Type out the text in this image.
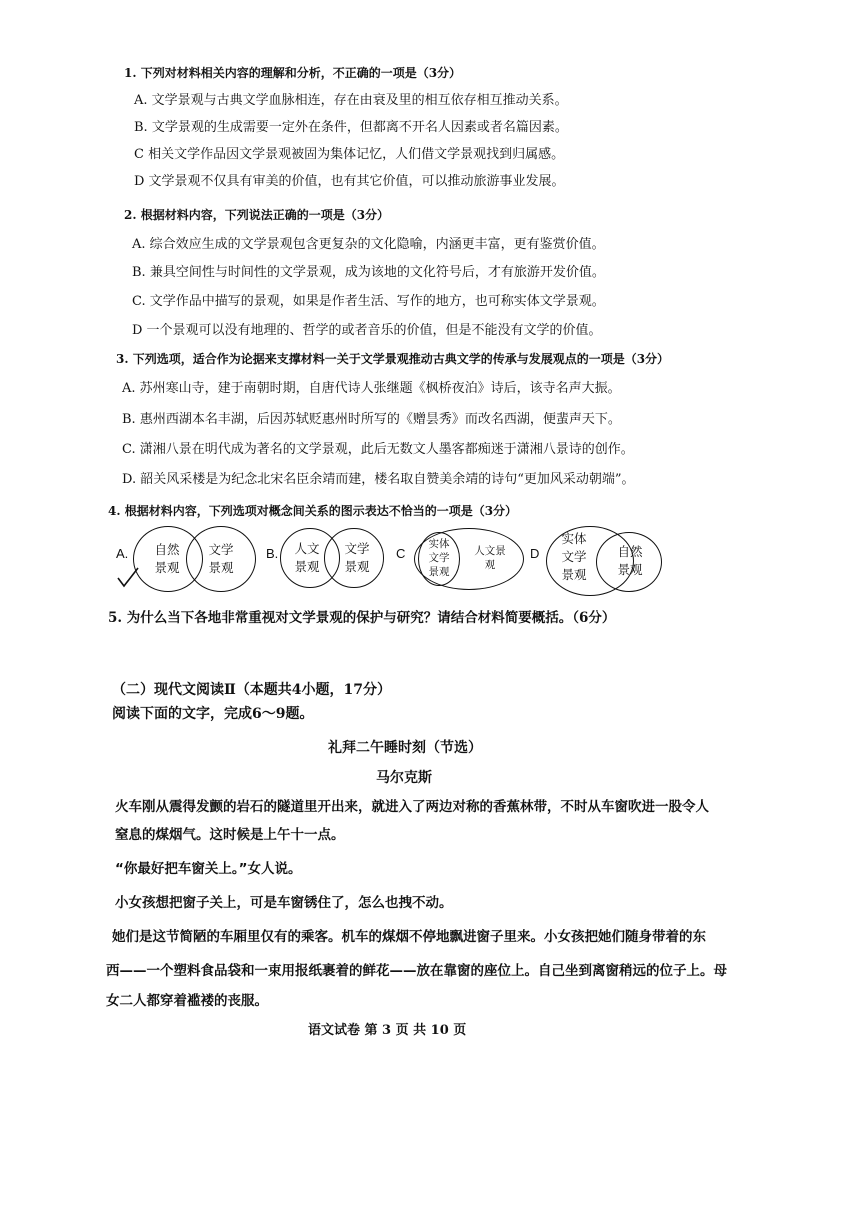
1. 下列对材料相关内容的理解和分析，不正确的一项是（3分）
A. 文学景观与古典文学血脉相连，存在由衰及里的相互依存相互推动关系。
B. 文学景观的生成需要一定外在条件，但都离不开名人因素或者名篇因素。
C 相关文学作品因文学景观被固为集体记忆，人们借文学景观找到归属感。
D 文学景观不仅具有审美的价值，也有其它价值，可以推动旅游事业发展。
2. 根据材料内容，下列说法正确的一项是（3分）
A. 综合效应生成的文学景观包含更复杂的文化隐喻，内涵更丰富，更有鉴赏价值。
B. 兼具空间性与时间性的文学景观，成为该地的文化符号后，才有旅游开发价值。
C. 文学作品中描写的景观，如果是作者生活、写作的地方，也可称实体文学景观。
D 一个景观可以没有地理的、哲学的或者音乐的价值，但是不能没有文学的价值。
3. 下列选项，适合作为论据来支撑材料一关于文学景观推动古典文学的传承与发展观点的一项是（3分）
A. 苏州寒山寺，建于南朝时期，自唐代诗人张继题《枫桥夜泊》诗后，该寺名声大振。
B. 惠州西湖本名丰湖，后因苏轼贬惠州时所写的《赠昙秀》而改名西湖，便蜚声天下。
C. 潇湘八景在明代成为著名的文学景观，此后无数文人墨客都痴迷于潇湘八景诗的创作。
D. 韶关风采楼是为纪念北宋名臣余靖而建，楼名取自赞美余靖的诗句“更加风采动朝端”。
4. 根据材料内容，下列选项对概念间关系的图示表达不恰当的一项是（3分）
A.	自然景观
文学景观
B.	人文景观
文学景观
C
实体文学景观
人文景观
D
实体文学景观
自然景观
5. 为什么当下各地非常重视对文学景观的保护与研究？请结合材料简要概括。（6分）
（二）现代文阅读Ⅱ（本题共4小题，17分）
阅读下面的文字，完成6～9题。
礼拜二午睡时刻（节选）
马尔克斯
火车刚从震得发颤的岩石的隧道里开出来，就进入了两边对称的香蕉林带，不时从车窗吹进一股令人
窒息的煤烟气。这时候是上午十一点。
“你最好把车窗关上。”女人说。
小女孩想把窗子关上，可是车窗锈住了，怎么也拽不动。
她们是这节简陋的车厢里仅有的乘客。机车的煤烟不停地飘进窗子里来。小女孩把她们随身带着的东
西——一个塑料食品袋和一束用报纸裹着的鲜花——放在靠窗的座位上。自己坐到离窗稍远的位子上。母
女二人都穿着褴褛的丧服。
语文试卷 第 3 页 共 10 页
